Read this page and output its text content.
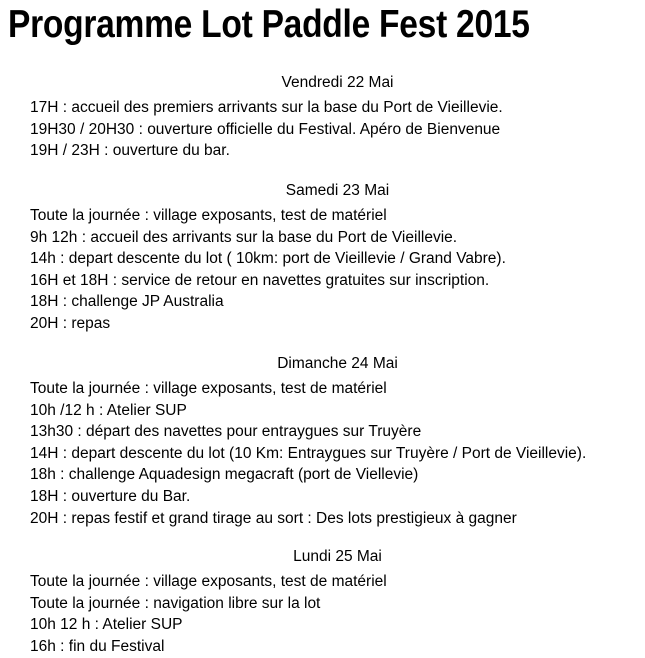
Programme Lot Paddle Fest 2015
Vendredi 22 Mai
17H : accueil des premiers arrivants sur la base du Port de Vieillevie.
19H30 / 20H30 : ouverture officielle du Festival. Apéro de Bienvenue
19H / 23H : ouverture du bar.
Samedi 23 Mai
Toute la journée : village exposants, test de matériel
9h 12h : accueil des arrivants sur la base du Port de Vieillevie.
14h : depart descente du lot ( 10km: port de Vieillevie / Grand Vabre).
16H et 18H : service de retour en navettes gratuites sur inscription.
18H : challenge JP Australia
20H : repas
Dimanche 24 Mai
Toute la journée : village exposants, test de matériel
10h /12 h : Atelier SUP
13h30 : départ des navettes pour entraygues sur Truyère
14H : depart descente du lot (10 Km: Entraygues sur Truyère / Port de Vieillevie).
18h : challenge Aquadesign megacraft (port de Viellevie)
18H : ouverture du Bar.
20H : repas festif et grand tirage au sort : Des lots prestigieux à gagner
Lundi 25 Mai
Toute la journée : village exposants, test de matériel
Toute la journée : navigation libre sur la lot
10h 12 h : Atelier SUP
16h : fin du Festival
